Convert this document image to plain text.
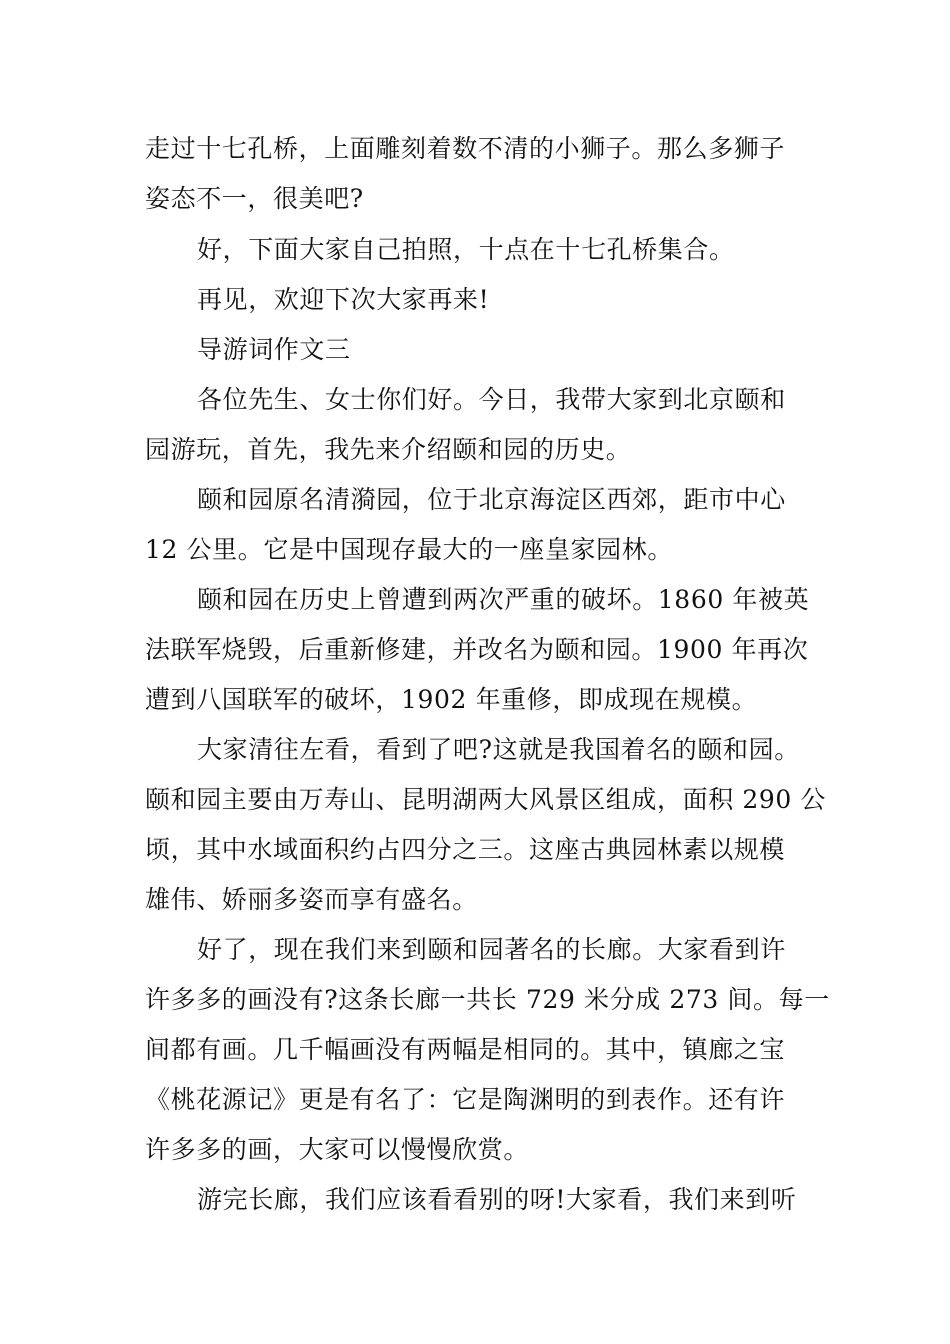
走过十七孔桥，上面雕刻着数不清的小狮子。那么多狮子
姿态不一，很美吧?
好，下面大家自己拍照，十点在十七孔桥集合。
再见，欢迎下次大家再来!
导游词作文三
各位先生、女士你们好。今日，我带大家到北京颐和
园游玩，首先，我先来介绍颐和园的历史。
颐和园原名清漪园，位于北京海淀区西郊，距市中心
12 公里。它是中国现存最大的一座皇家园林。
颐和园在历史上曾遭到两次严重的破坏。1860 年被英
法联军烧毁，后重新修建，并改名为颐和园。1900 年再次
遭到八国联军的破坏，1902 年重修，即成现在规模。
大家清往左看，看到了吧?这就是我国着名的颐和园。
颐和园主要由万寿山、昆明湖两大风景区组成，面积 290 公
顷，其中水域面积约占四分之三。这座古典园林素以规模
雄伟、娇丽多姿而享有盛名。
好了，现在我们来到颐和园著名的长廊。大家看到许
许多多的画没有?这条长廊一共长 729 米分成 273 间。每一
间都有画。几千幅画没有两幅是相同的。其中，镇廊之宝
《桃花源记》更是有名了：它是陶渊明的到表作。还有许
许多多的画，大家可以慢慢欣赏。
游完长廊，我们应该看看别的呀!大家看，我们来到听
